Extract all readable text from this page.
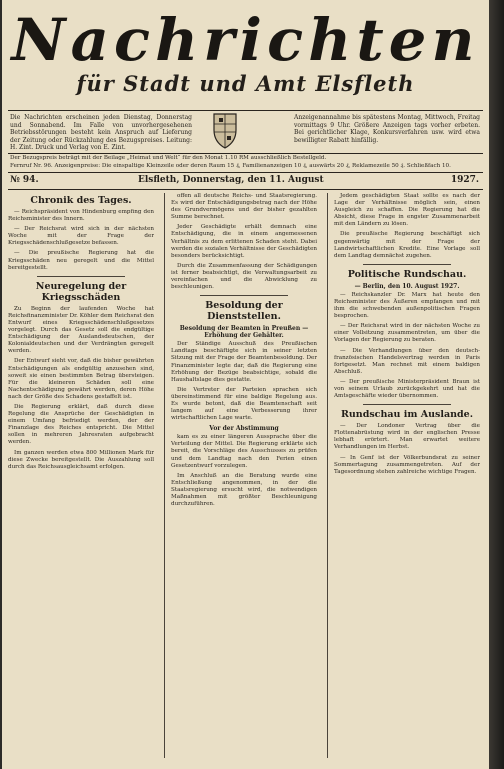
Nachrichten
für Stadt und Amt Elsfleth
Die Nachrichten erscheinen jeden Dienstag, Donnerstag und Sonnabend. Im Falle von unvorhergesehenen Betriebsstörungen besteht kein Anspruch auf Lieferung der Zeitung oder Rückzahlung des Bezugspreises. Leitung: H. Zint. Druck und Verlag von E. Zint.
Anzeigenannahme bis spätestens Montag, Mittwoch, Freitag vormittags 9 Uhr. Größere Anzeigen tags vorher erbeten. Bei gerichtlicher Klage, Konkursverfahren usw. wird etwa bewilligter Rabatt hinfällig.
Der Bezugspreis beträgt mit der Beilage „Heimat und Welt“ für den Monat 1.10 RM ausschließlich Bestellgeld.
Fernruf Nr. 96. Anzeigenpreise: Die einspaltige Kleinzeile oder deren Raum 15 ₰, Familienanzeigen 10 ₰, auswärts 20 ₰, Reklamezeile 50 ₰. Schließfach 10.
№ 94.	Elsfleth, Donnerstag, den 11. August	1927.
Chronik des Tages.

— Reichspräsident von Hindenburg empfing den Reichsminister des Innern.

— Der Reichsrat wird sich in der nächsten Woche mit der Frage der Kriegsschädenschlußgesetze befassen.

— Die preußische Regierung hat die Kriegsschäden neu geregelt und die Mittel bereitgestellt.

Neuregelung der Kriegsschäden

Zu Beginn der laufenden Woche hat Reichsfinanzminister Dr. Köhler dem Reichsrat den Entwurf eines Kriegsschädenschlußgesetzes vorgelegt. Durch das Gesetz soll die endgültige Entschädigung der Auslandsdeutschen, der Kolonialdeutschen und der Verdrängten geregelt werden.

Der Entwurf sieht vor, daß die bisher gewährten Entschädigungen als endgültig anzusehen sind, soweit sie einen bestimmten Betrag übersteigen. Für die kleineren Schäden soll eine Nachentschädigung gewährt werden, deren Höhe nach der Größe des Schadens gestaffelt ist.

Die Regierung erklärt, daß durch diese Regelung die Ansprüche der Geschädigten in einem Umfang befriedigt werden, der der Finanzlage des Reiches entspricht. Die Mittel sollen in mehreren Jahresraten aufgebracht werden.

Im ganzen werden etwa 800 Millionen Mark für diese Zwecke bereitgestellt. Die Auszahlung soll durch das Reichsausgleichsamt erfolgen.

offen all deutsche Reichs- und Staatsregierung. Es wird der Entschädigungsbetrag nach der Höhe des Grundvermögens und der bisher gezahlten Summe berechnet.

Jeder Geschädigte erhält demnach eine Entschädigung, die in einem angemessenen Verhältnis zu dem erlittenen Schaden steht. Dabei werden die sozialen Verhältnisse der Geschädigten besonders berücksichtigt.

Durch die Zusammenfassung der Schädigungen ist ferner beabsichtigt, die Verwaltungsarbeit zu vereinfachen und die Abwicklung zu beschleunigen.

Besoldung der Dienststellen.
Besoldung der Beamten in Preußen — Erhöhung der Gehälter.

Der Ständige Ausschuß des Preußischen Landtags beschäftigte sich in seiner letzten Sitzung mit der Frage der Beamtenbesoldung. Der Finanzminister legte dar, daß die Regierung eine Erhöhung der Bezüge beabsichtige, sobald die Haushaltslage dies gestatte.

Die Vertreter der Parteien sprachen sich übereinstimmend für eine baldige Regelung aus. Es wurde betont, daß die Beamtenschaft seit langem auf eine Verbesserung ihrer wirtschaftlichen Lage warte.

Vor der Abstimmung

kam es zu einer längeren Aussprache über die Verteilung der Mittel. Die Regierung erklärte sich bereit, die Vorschläge des Ausschusses zu prüfen und dem Landtag nach den Ferien einen Gesetzentwurf vorzulegen.

Im Anschluß an die Beratung wurde eine Entschließung angenommen, in der die Staatsregierung ersucht wird, die notwendigen Maßnahmen mit größter Beschleunigung durchzuführen.

Jedem geschädigten Staat sollte es nach der Lage der Verhältnisse möglich sein, einen Ausgleich zu schaffen. Die Regierung hat die Absicht, diese Frage in engster Zusammenarbeit mit den Ländern zu lösen.

Die preußische Regierung beschäftigt sich gegenwärtig mit der Frage der Landwirtschaftlichen Kredite. Eine Vorlage soll dem Landtag demnächst zugehen.

Politische Rundschau.
— Berlin, den 10. August 1927.

— Reichskanzler Dr. Marx hat heute den Reichsminister des Äußeren empfangen und mit ihm die schwebenden außenpolitischen Fragen besprochen.

— Der Reichsrat wird in der nächsten Woche zu einer Vollsitzung zusammentreten, um über die Vorlagen der Regierung zu beraten.

— Die Verhandlungen über den deutsch-französischen Handelsvertrag werden in Paris fortgesetzt. Man rechnet mit einem baldigen Abschluß.

— Der preußische Ministerpräsident Braun ist von seinem Urlaub zurückgekehrt und hat die Amtsgeschäfte wieder übernommen.

Rundschau im Auslande.

— Der Londoner Vertrag über die Flottenabrüstung wird in der englischen Presse lebhaft erörtert. Man erwartet weitere Verhandlungen im Herbst.

— In Genf ist der Völkerbundsrat zu seiner Sommertagung zusammengetreten. Auf der Tagesordnung stehen zahlreiche wichtige Fragen.
